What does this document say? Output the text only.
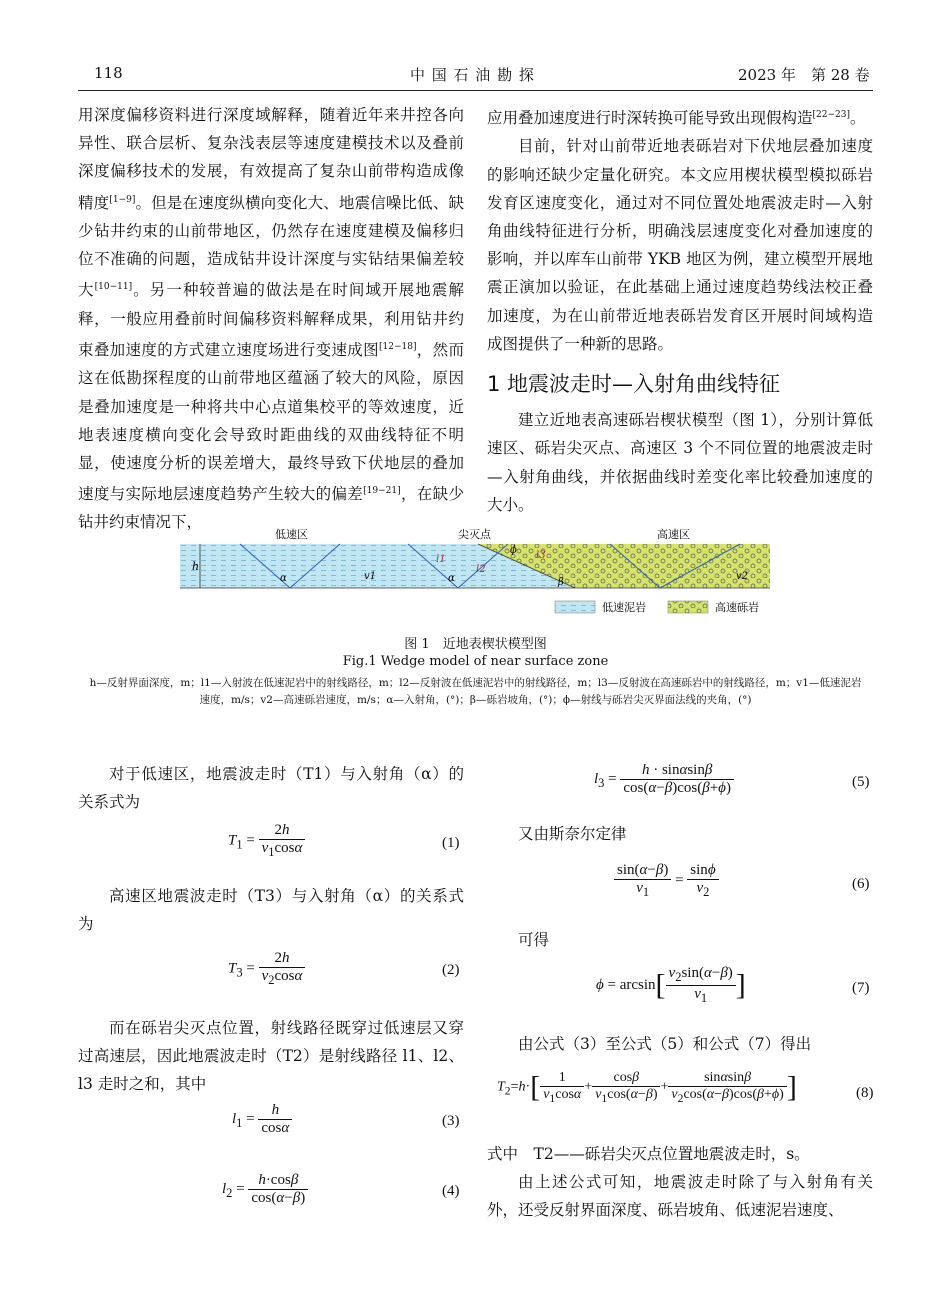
118	中 国 石 油 勘 探	2023 年　第 28 卷

用深度偏移资料进行深度域解释，随着近年来井控各向异性、联合层析、复杂浅表层等速度建模技术以及叠前深度偏移技术的发展，有效提高了复杂山前带构造成像精度[1−9]。但是在速度纵横向变化大、地震信噪比低、缺少钻井约束的山前带地区，仍然存在速度建模及偏移归位不准确的问题，造成钻井设计深度与实钻结果偏差较大[10−11]。另一种较普遍的做法是在时间域开展地震解释，一般应用叠前时间偏移资料解释成果，利用钻井约束叠加速度的方式建立速度场进行变速成图[12−18]，然而这在低勘探程度的山前带地区蕴涵了较大的风险，原因是叠加速度是一种将共中心点道集校平的等效速度，近地表速度横向变化会导致时距曲线的双曲线特征不明显，使速度分析的误差增大，最终导致下伏地层的叠加速度与实际地层速度趋势产生较大的偏差[19−21]，在缺少钻井约束情况下，

应用叠加速度进行时深转换可能导致出现假构造[22−23]。

目前，针对山前带近地表砾岩对下伏地层叠加速度的影响还缺少定量化研究。本文应用楔状模型模拟砾岩发育区速度变化，通过对不同位置处地震波走时—入射角曲线特征进行分析，明确浅层速度变化对叠加速度的影响，并以库车山前带 YKB 地区为例，建立模型开展地震正演加以验证，在此基础上通过速度趋势线法校正叠加速度，为在山前带近地表砾岩发育区开展时间域构造成图提供了一种新的思路。

1 地震波走时—入射角曲线特征

建立近地表高速砾岩楔状模型（图 1），分别计算低速区、砾岩尖灭点、高速区 3 个不同位置的地震波走时—入射角曲线，并依据曲线时差变化率比较叠加速度的大小。

低速区	尖灭点	高速区
h
α	α
v1	v2
l1
l2
l3
ϕ
β
低速泥岩	高速砾岩
图 1　近地表楔状模型图
Fig.1 Wedge model of near surface zone
h—反射界面深度，m；l1—入射波在低速泥岩中的射线路径，m；l2—反射波在低速泥岩中的射线路径，m；l3—反射波在高速砾岩中的射线路径，m；v1—低速泥岩速度，m/s；v2—高速砾岩速度，m/s；α—入射角，(°)；β—砾岩坡角，(°)；ϕ—射线与砾岩尖灭界面法线的夹角，(°)

对于低速区，地震波走时（T1）与入射角（α）的关系式为

$T_1 = \frac{2h}{v_1\cos\alpha}$	(1)

高速区地震波走时（T3）与入射角（α）的关系式为

$T_3 = \frac{2h}{v_2\cos\alpha}$	(2)

而在砾岩尖灭点位置，射线路径既穿过低速层又穿过高速层，因此地震波走时（T2）是射线路径 l1、l2、l3 走时之和，其中

$l_1 = \frac{h}{\cos\alpha}$	(3)
$l_2 = \frac{h\cdot\cos\beta}{\cos(\alpha-\beta)}$	(4)
$l_3 = \frac{h \cdot \sin\alpha\sin\beta}{\cos(\alpha-\beta)\cos(\beta+\phi)}$	(5)

又由斯奈尔定律

$\frac{\sin(\alpha-\beta)}{v_1} = \frac{\sin\phi}{v_2}$	(6)

可得

$\phi = \arcsin[ \frac{v_2\sin(\alpha-\beta)}{v_1}$ ]	(7)

由公式（3）至公式（5）和公式（7）得出

$T_2=h\cdot[ \frac{1}{v_1\cos\alpha} + \frac{\cos\beta}{v_1\cos(\alpha-\beta)} + \frac{\sin\alpha\sin\beta}{v_2\cos(\alpha-\beta)\cos(\beta+\phi)}$ ]	(8)

式中　T2——砾岩尖灭点位置地震波走时，s。

由上述公式可知，地震波走时除了与入射角有关外，还受反射界面深度、砾岩坡角、低速泥岩速度、
